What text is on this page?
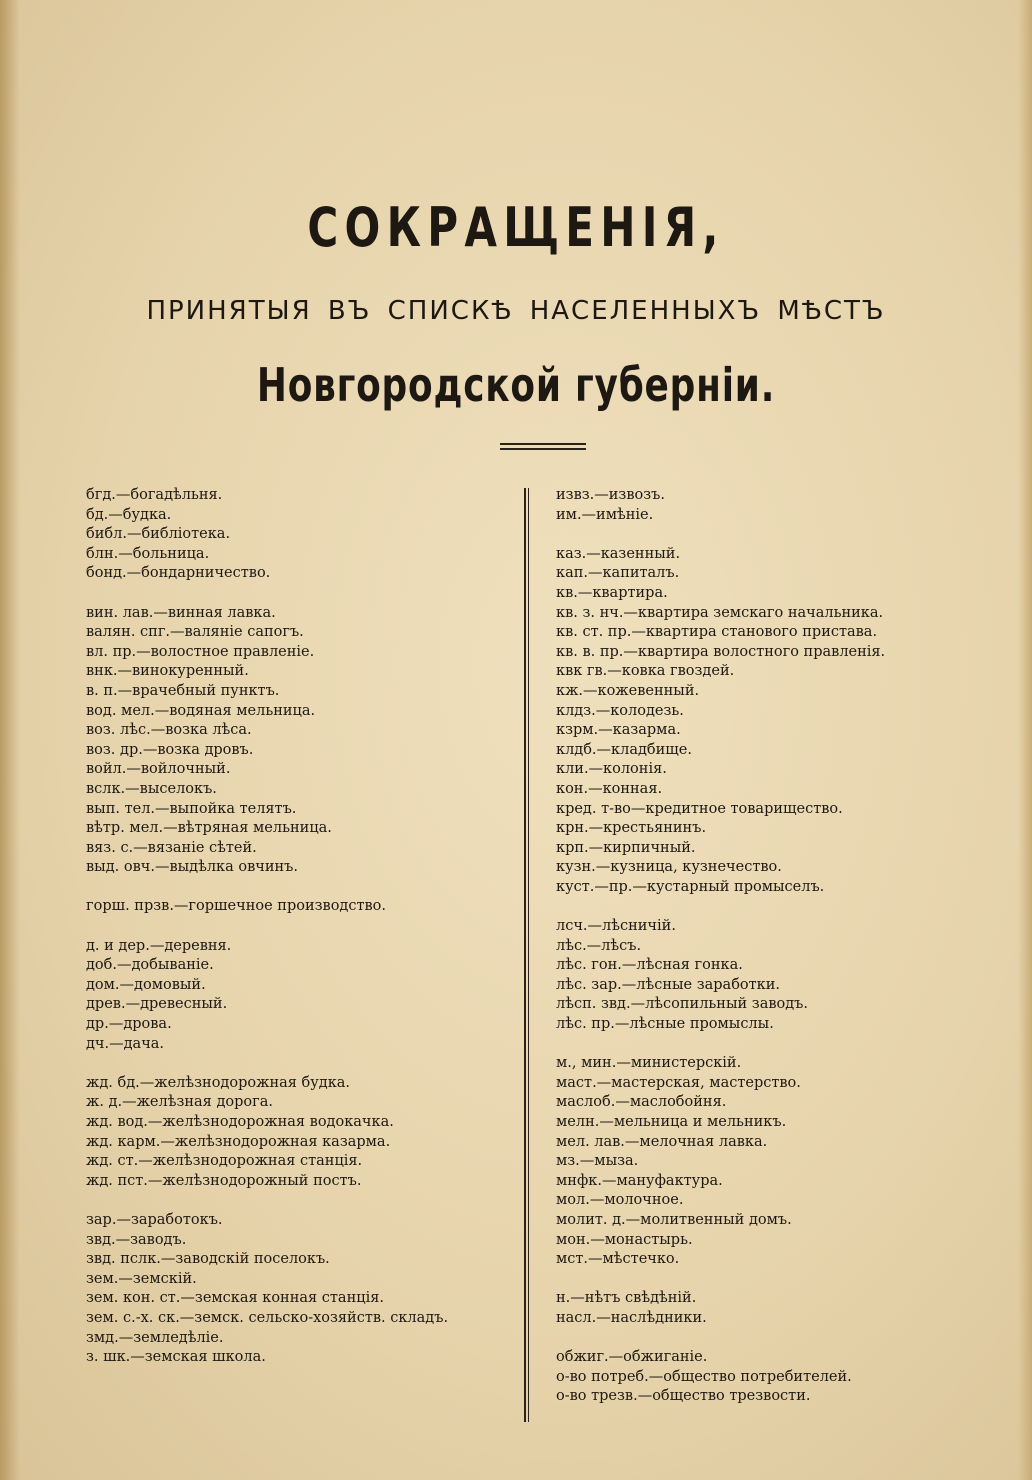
СОКРАЩЕНІЯ,
ПРИНЯТЫЯ ВЪ СПИСКѢ НАСЕЛЕННЫХЪ МѢСТЪ
Новгородской губерніи.
бгд.—богадѣльня.
бд.—будка.
библ.—библіотека.
блн.—больница.
бонд.—бондарничество.
вин. лав.—винная лавка.
валян. спг.—валяніе сапогъ.
вл. пр.—волостное правленіе.
внк.—винокуренный.
в. п.—врачебный пунктъ.
вод. мел.—водяная мельница.
воз. лѣс.—возка лѣса.
воз. др.—возка дровъ.
войл.—войлочный.
вслк.—выселокъ.
вып. тел.—выпойка телятъ.
вѣтр. мел.—вѣтряная мельница.
вяз. с.—вязаніе сѣтей.
выд. овч.—выдѣлка овчинъ.
горш. прзв.—горшечное производство.
д. и дер.—деревня.
доб.—добываніе.
дом.—домовый.
древ.—древесный.
др.—дрова.
дч.—дача.
жд. бд.—желѣзнодорожная будка.
ж. д.—желѣзная дорога.
жд. вод.—желѣзнодорожная водокачка.
жд. карм.—желѣзнодорожная казарма.
жд. ст.—желѣзнодорожная станція.
жд. пст.—желѣзнодорожный постъ.
зар.—заработокъ.
звд.—заводъ.
звд. пслк.—заводскій поселокъ.
зем.—земскій.
зем. кон. ст.—земская конная станція.
зем. с.-х. ск.—земск. сельско-хозяйств. складъ.
змд.—земледѣліе.
з. шк.—земская школа.
извз.—извозъ.
им.—имѣніе.
каз.—казенный.
кап.—капиталъ.
кв.—квартира.
кв. з. нч.—квартира земскаго начальника.
кв. ст. пр.—квартира станового пристава.
кв. в. пр.—квартира волостного правленія.
квк гв.—ковка гвоздей.
кж.—кожевенный.
клдз.—колодезь.
кзрм.—казарма.
клдб.—кладбище.
кли.—колонія.
кон.—конная.
кред. т-во—кредитное товарищество.
крн.—крестьянинъ.
крп.—кирпичный.
кузн.—кузница, кузнечество.
куст.—пр.—кустарный промыселъ.
лсч.—лѣсничій.
лѣс.—лѣсъ.
лѣс. гон.—лѣсная гонка.
лѣс. зар.—лѣсные заработки.
лѣсп. звд.—лѣсопильный заводъ.
лѣс. пр.—лѣсные промыслы.
м., мин.—министерскій.
маст.—мастерская, мастерство.
маслоб.—маслобойня.
мелн.—мельница и мельникъ.
мел. лав.—мелочная лавка.
мз.—мыза.
мнфк.—мануфактура.
мол.—молочное.
молит. д.—молитвенный домъ.
мон.—монастырь.
мст.—мѣстечко.
н.—нѣтъ свѣдѣній.
насл.—наслѣдники.
обжиг.—обжиганіе.
о-во потреб.—общество потребителей.
о-во трезв.—общество трезвости.
